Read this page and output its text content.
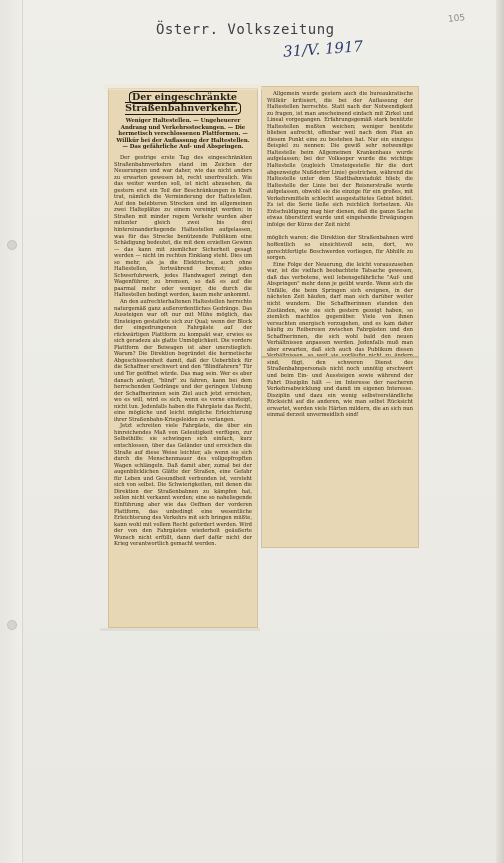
Österr. Volkszeitung
31/V. 1917
105
Der eingeschränkte Straßenbahnverkehr.
Weniger Haltestellen. — Ungeheuerer Andrang und Verkehrsstockungen. — Die hermetisch verschlossenen Plattformen. — Willkür bei der Auflassung der Haltestellen. — Das gefährliche Auf- und Abspringen.

Der gestrige erste Tag des eingeschränkten Straßenbahnverkehrs stand im Zeichen der Neuerungen und war daher, wie das nicht anders zu erwarten gewesen ist, recht unerfreulich. Wie das weiter werden soll, ist nicht abzusehen, da gestern erst ein Teil der Beschränkungen in Kraft trat, nämlich die Verminderung der Haltestellen. Auf den belebteren Strecken sind im allgemeinen zwei Halteplätze zu einem vereinigt worden; in Straßen mit minder regem Verkehr wurden aber mitunter gleich zwei bis drei hintereinanderliegende Haltestellen aufgelassen, was für das Strecke benützende Publikum eine Schädigung bedeutet, die mit dem erzielten Gewinn — das kann mit ziemlicher Sicherheit gesagt werden — nicht im rechten Einklang steht. Dies um so mehr, als ja die Elektrische, auch ohne Haltestellen, fortwährend bremst; jedes Schwerfuhrwerk, jedes Handwagerl zwingt den Wagenführer, zu bremsen, so daß es auf die paarmal mehr oder weniger, die durch die Haltestellen bedingt werden, kaum mehr ankommt.

An den aufrechterhaltenen Haltestellen herrschte naturgemäß ganz außerordentliches Gedränge. Das Aussteigen war oft nur mit Mühe möglich, das Einsteigen gestaltete sich zur Qual; wenn der Block der eingedrungenen Fahrgäste auf der rückwärtigen Plattform zu kompakt war, erwies es sich geradezu als glatte Unmöglichkeit. Die vordere Plattform der Beiwagen ist aber unerstieglich. Warum? Die Direktion begründet die hermetische Abgeschlossenheit damit, daß der Ueberblick für die Schaffner erschwert und den "Blindfahrern" Tür und Tor geöffnet würde. Das mag sein. Wer es aber danach anlegt, "blind" zu fahren, kann bei dem herrschenden Gedränge und der geringen Uebung der Schaffnerinnen sein Ziel auch jetzt erreichen, wo es will, wird es sich, wenn es vorne einsteigt, nicht tun. Jedenfalls haben die Fahrgäste das Recht, eine mögliche und leicht mögliche Erleichterung ihrer Straßenbahn-Kriegsleiden zu verlangen.

Jetzt schreiten viele Fahrgäste, die über ein hinreichendes Maß von Geleutigkeit verfügen, zur Selbsthilfe: sie schwingen sich einfach, kurz entschlossen, über das Geländer und erreichen die Straße auf diese Weise leichter, als wenn sie sich durch die Menschenmauer des vollgepfropften Wagen schlängeln. Daß damit aber, zumal bei der augenblicklichen Glätte der Straßen, eine Gefahr für Leben und Gesundheit verbunden ist, versteht sich von selbst. Die Schwierigkeiten, mit denen die Direktion der Straßenbahnen zu kämpfen hat, sollen nicht verkannt werden; eine so naheliegende Einführung aber wie das Oeffnen der vorderen Plattform, das unbedingt eine wesentliche Erleichterung des Verkehrs mit sich bringen müßte, kann wohl mit vollem Recht gefordert werden. Wird der von den Fahrgästen wiederholt geäußerte Wunsch nicht erfüllt, dann darf dafür nicht der Krieg verantwortlich gemacht werden.

Allgemein wurde gestern auch die bureaukratische Willkür kritisiert, die bei der Auflassung der Haltestellen herrschte. Statt nach der Notwendigkeit zu fragen, ist man anscheinend einfach mit Zirkel und Lineal vorgegangen. Erfahrungsgemäß stark benützte Haltestellen mußten weichen; weniger benützte blieben aufrecht, offenbar weil nach dem Plan an diesem Punkt eine zu bestehen hat. Nur ein einziges Beispiel zu nennen: Die gewiß sehr notwendige Haltestelle beim Allgemeinen Krankenhaus wurde aufgelassen; bei der Volksoper wurde die wichtige Haltestelle (zugleich Umsteigestelle für die dort abgezweigte Nußdorfer Linie) gestrichen, während die Haltestelle unter dem Stadtbahnviadukt blieb; die Haltestelle der Linie bei der Reisnerstraße wurde aufgelassen, obwohl sie die einzige für ein großes, mit Verkehrsmitteln schlecht ausgestattetes Gebiet bildet. Es ist die Serie ließe sich reichlich fortsetzen. Als Entschuldigung mag hier dienen, daß die ganze Sache etwas überstürzt wurde und eingehende Erwägungen infolge der Kürze der Zeit nicht

möglich waren; die Direktion der Straßenbahnen wird hoffentlich so einsichtsvoll sein, dort, wo gerechtfertigte Beschwerden vorliegen, für Abhilfe zu sorgen.

Eine Folge der Neuerung, die leicht vorauszusehen war, ist die vielfach beobachtete Tatsache gewesen, daß das verbotene, weil lebensgefährliche "Auf- und Abspringen" mehr denn je geübt wurde. Wenn sich die Unfälle, die beim Springen sich ereignen, in der nächsten Zeit häufen, darf man sich darüber weiter nicht wundern. Die Schaffnerinnen stunden den Zuständen, wie sie sich gestern gezeigt haben, so ziemlich machtlos gegenüber. Viele von ihnen versuchten energisch vorzugehen, und es kam daher häufig zu Reibereien zwischen Fahrgästen und den Schaffnerinnen, die sich wohl bald den neuen Verhältnissen anpassen werden. Jedenfalls muß man aber erwarten, daß sich auch das Publikum diesen sind, fügt, den schweren Dienst des Straßenbahnpersonals nicht noch unnötig erschwert und beim Ein- und Aussteigen sowie während der Fahrt Disziplin hält — im Interesse der rascheren Verkehrsabwicklung und damit im eigenen Interesse. Disziplin und dazu ein wenig selbstverständliche Rücksicht auf die anderen, wie man selbst Rücksicht erwartet, werden viele Härten mildern, die an sich nun einmal derzeit unvermeidlich sind!
